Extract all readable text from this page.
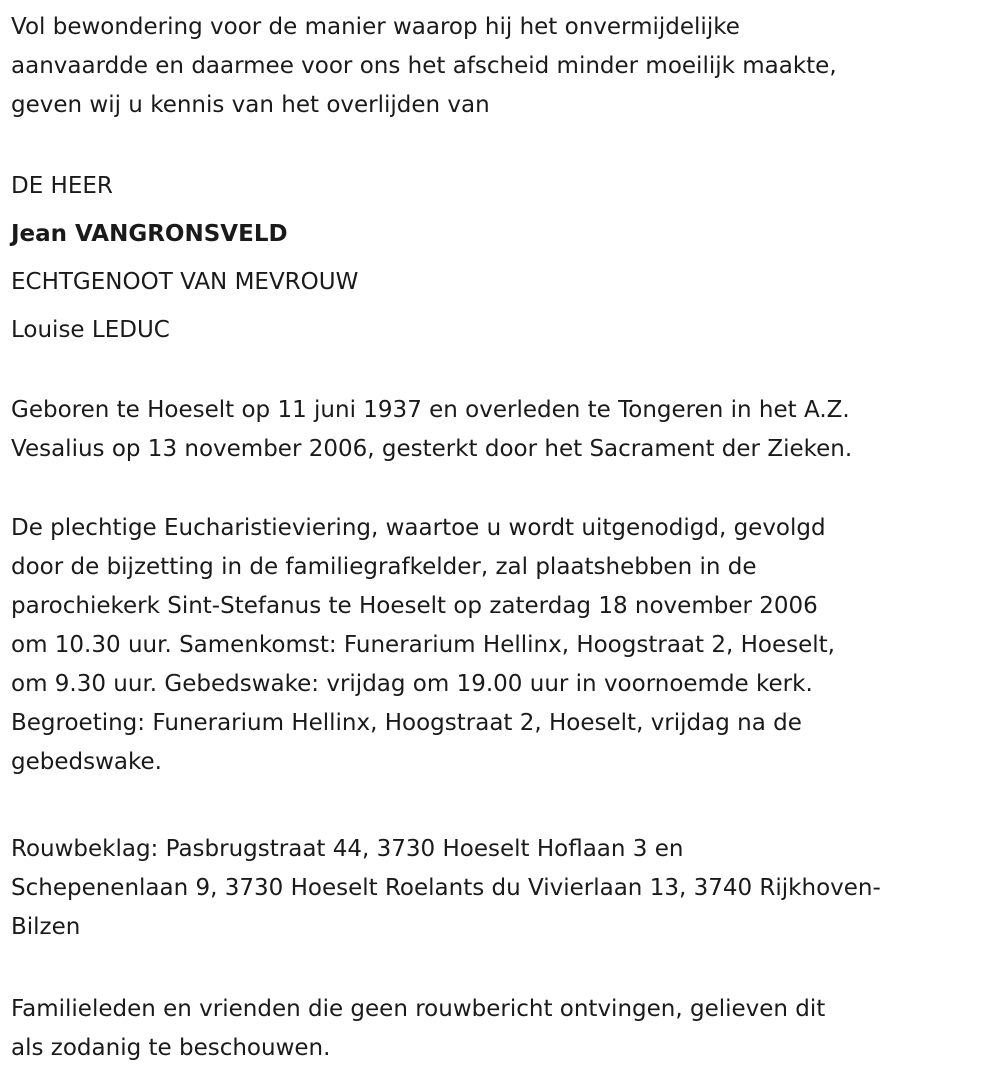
Vol bewondering voor de manier waarop hij het onvermijdelijke
aanvaardde en daarmee voor ons het afscheid minder moeilijk maakte,
geven wij u kennis van het overlijden van
DE HEER
Jean VANGRONSVELD
ECHTGENOOT VAN MEVROUW
Louise LEDUC
Geboren te Hoeselt op 11 juni 1937 en overleden te Tongeren in het A.Z.
Vesalius op 13 november 2006, gesterkt door het Sacrament der Zieken.
De plechtige Eucharistieviering, waartoe u wordt uitgenodigd, gevolgd
door de bijzetting in de familiegrafkelder, zal plaatshebben in de
parochiekerk Sint-Stefanus te Hoeselt op zaterdag 18 november 2006
om 10.30 uur. Samenkomst: Funerarium Hellinx, Hoogstraat 2, Hoeselt,
om 9.30 uur. Gebedswake: vrijdag om 19.00 uur in voornoemde kerk.
Begroeting: Funerarium Hellinx, Hoogstraat 2, Hoeselt, vrijdag na de
gebedswake.
Rouwbeklag: Pasbrugstraat 44, 3730 Hoeselt Hoflaan 3 en
Schepenenlaan 9, 3730 Hoeselt Roelants du Vivierlaan 13, 3740 Rijkhoven-
Bilzen
Familieleden en vrienden die geen rouwbericht ontvingen, gelieven dit
als zodanig te beschouwen.
